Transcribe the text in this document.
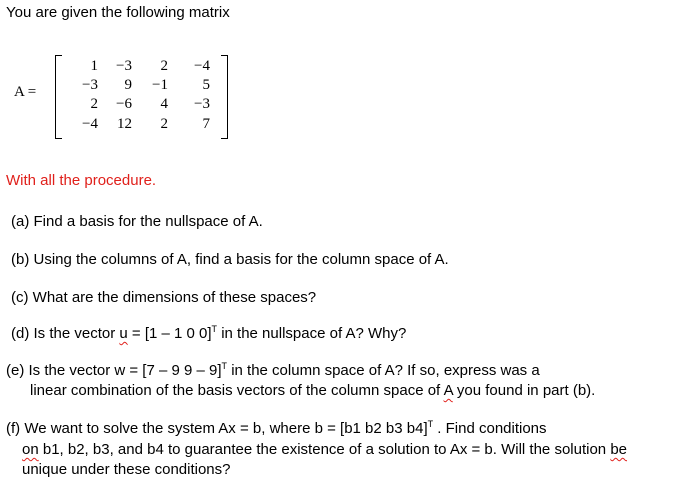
You are given the following matrix
A =
1	−3	2	−4
−3	9	−1	5
2	−6	4	−3
−4	12	2	7
With all the procedure.
(a) Find a basis for the nullspace of A.
(b) Using the columns of A, find a basis for the column space of A.
(c) What are the dimensions of these spaces?
(d) Is the vector u = [1 – 1 0 0]$^T$ in the nullspace of A? Why?
(e) Is the vector w = [7 – 9 9 – 9]$^T$ in the column space of A? If so, express was a
linear combination of the basis vectors of the column space of A you found in part (b).
(f) We want to solve the system Ax = b, where b = [b1 b2 b3 b4]$^T$ . Find conditions
on b1, b2, b3, and b4 to guarantee the existence of a solution to Ax = b. Will the solution be
unique under these conditions?
